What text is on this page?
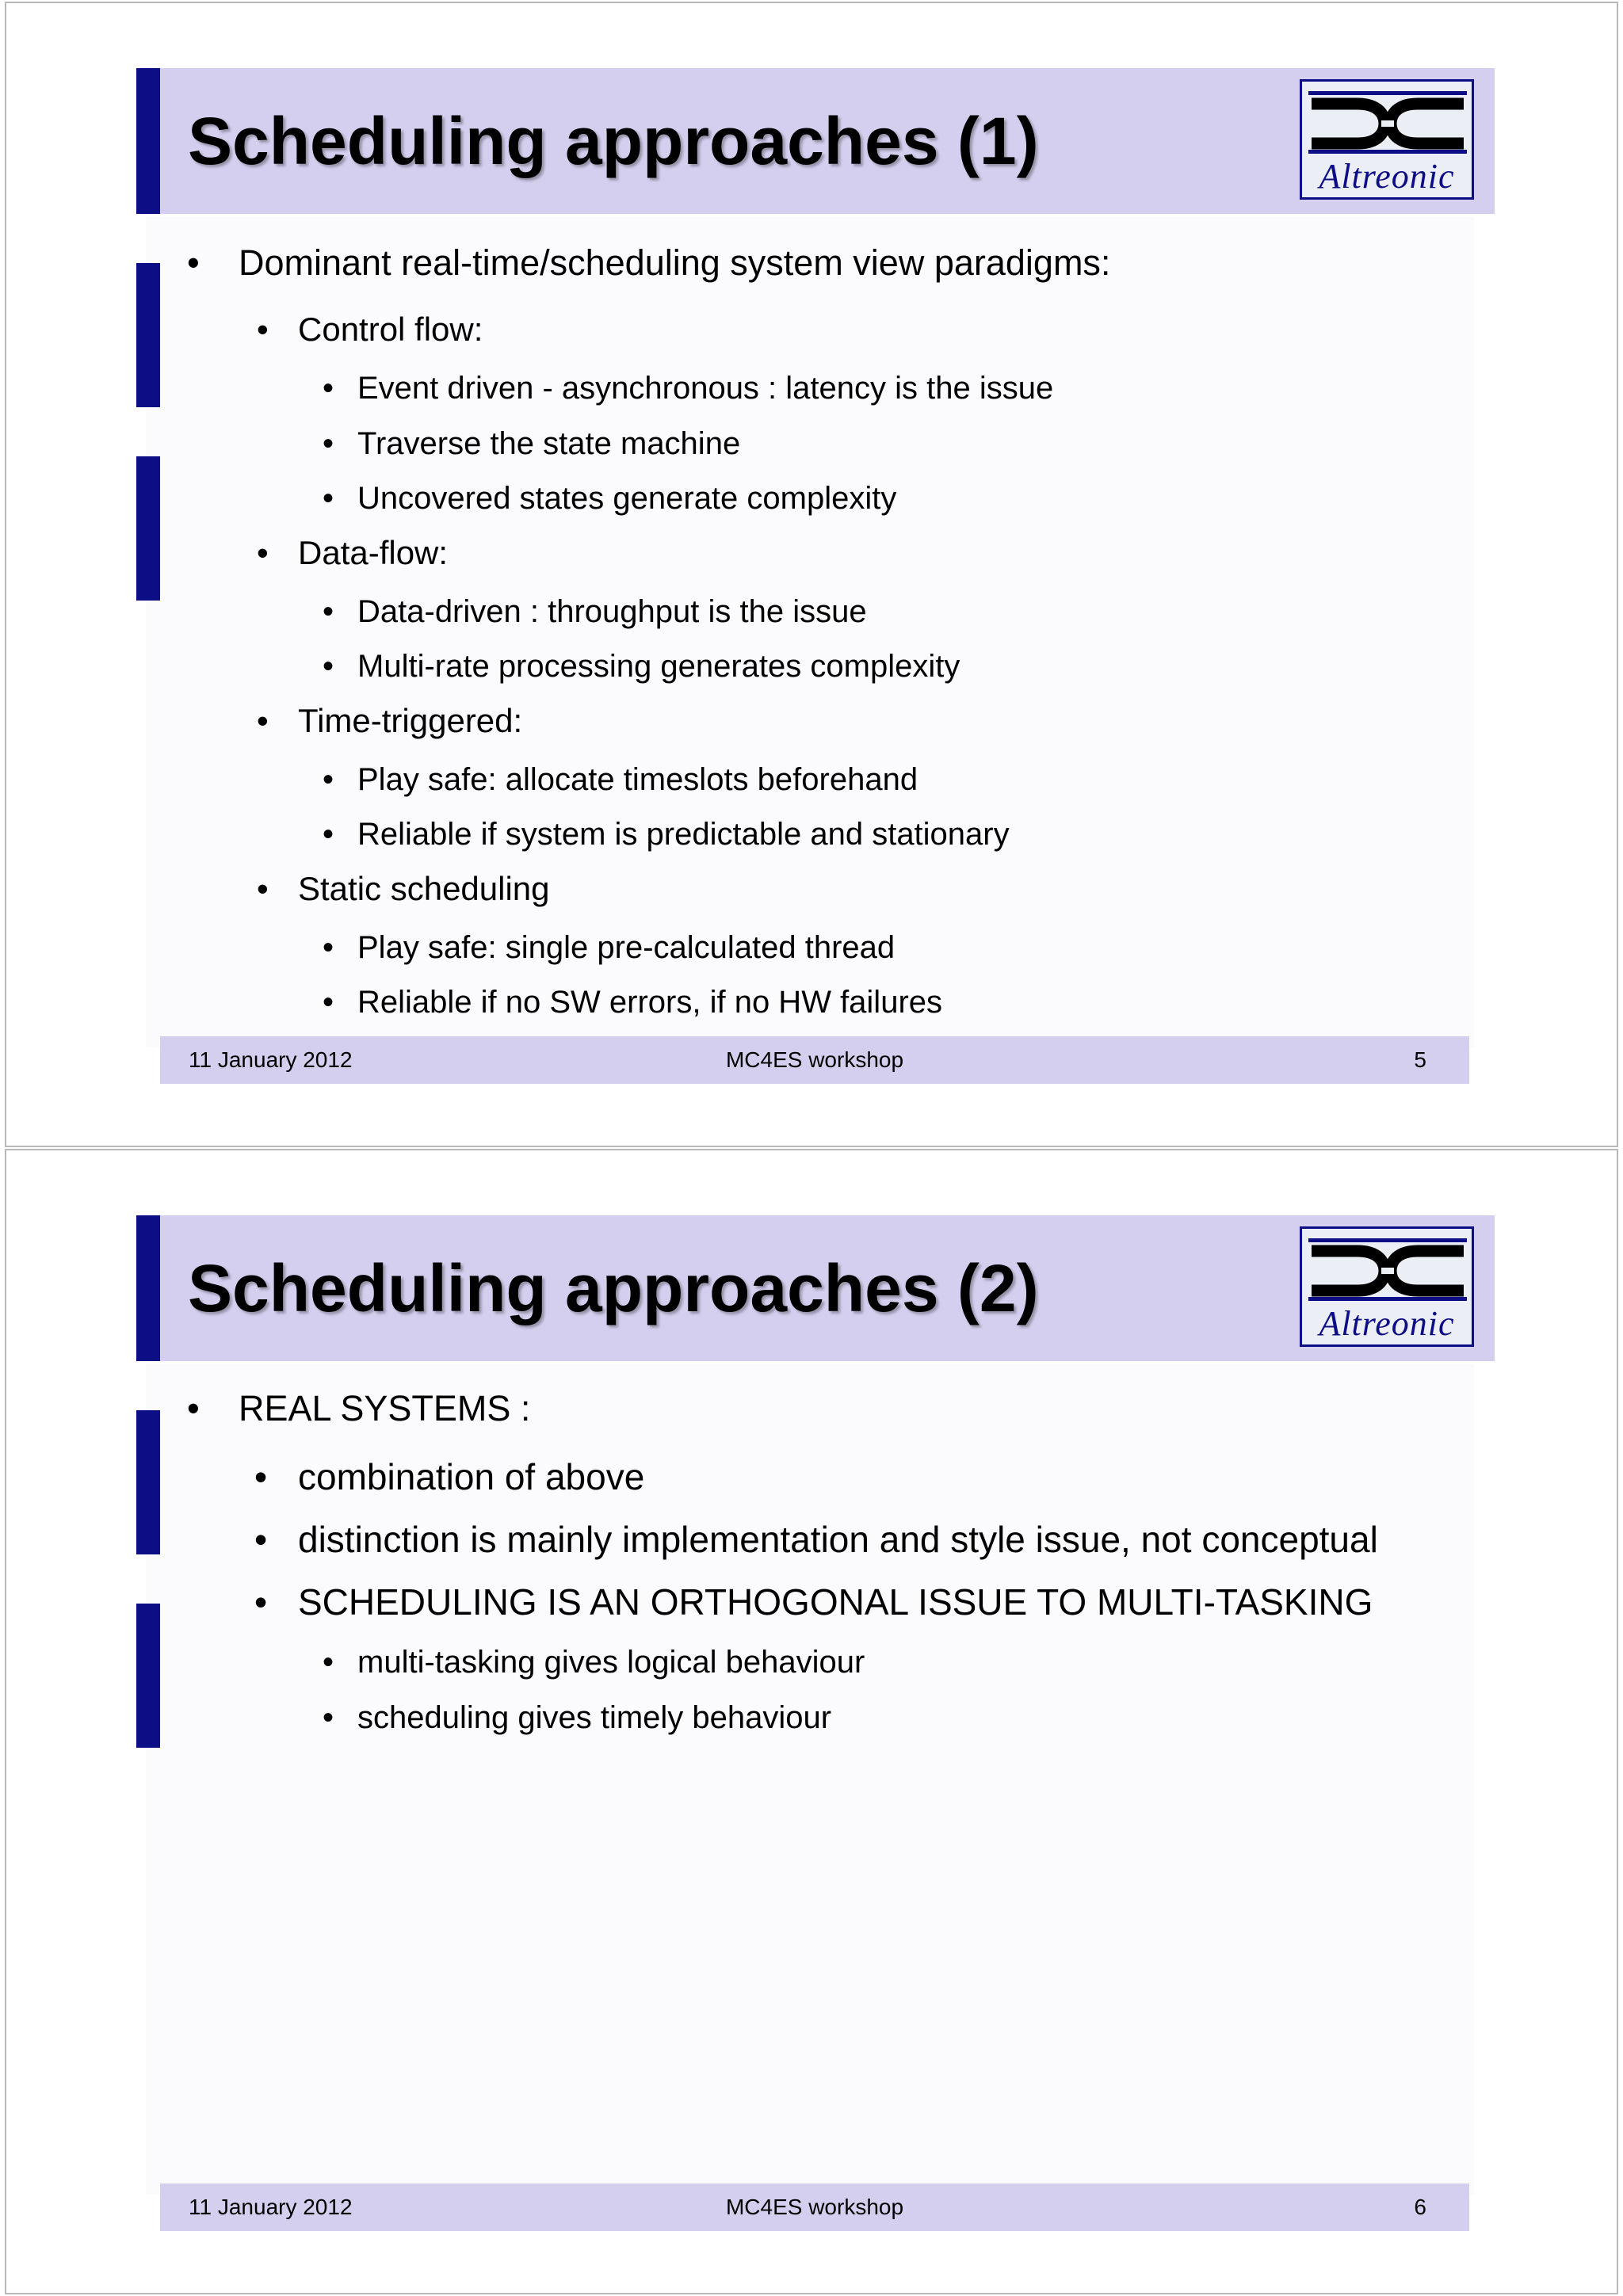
Scheduling approaches (1)	Altreonic
• Dominant real-time/scheduling system view paradigms:
• Control flow:
• Event driven - asynchronous : latency is the issue
• Traverse the state machine
• Uncovered states generate complexity
• Data-flow:
• Data-driven : throughput is the issue
• Multi-rate processing generates complexity
• Time-triggered:
• Play safe: allocate timeslots beforehand
• Reliable if system is predictable and stationary
• Static scheduling
• Play safe: single pre-calculated thread
• Reliable if no SW errors, if no HW failures
11 January 2012	MC4ES workshop	5
Scheduling approaches (2)	Altreonic
• REAL SYSTEMS :
• combination of above
• distinction is mainly implementation and style issue, not conceptual
• SCHEDULING IS AN ORTHOGONAL ISSUE TO MULTI-TASKING
• multi-tasking gives logical behaviour
• scheduling gives timely behaviour
11 January 2012	MC4ES workshop	6
